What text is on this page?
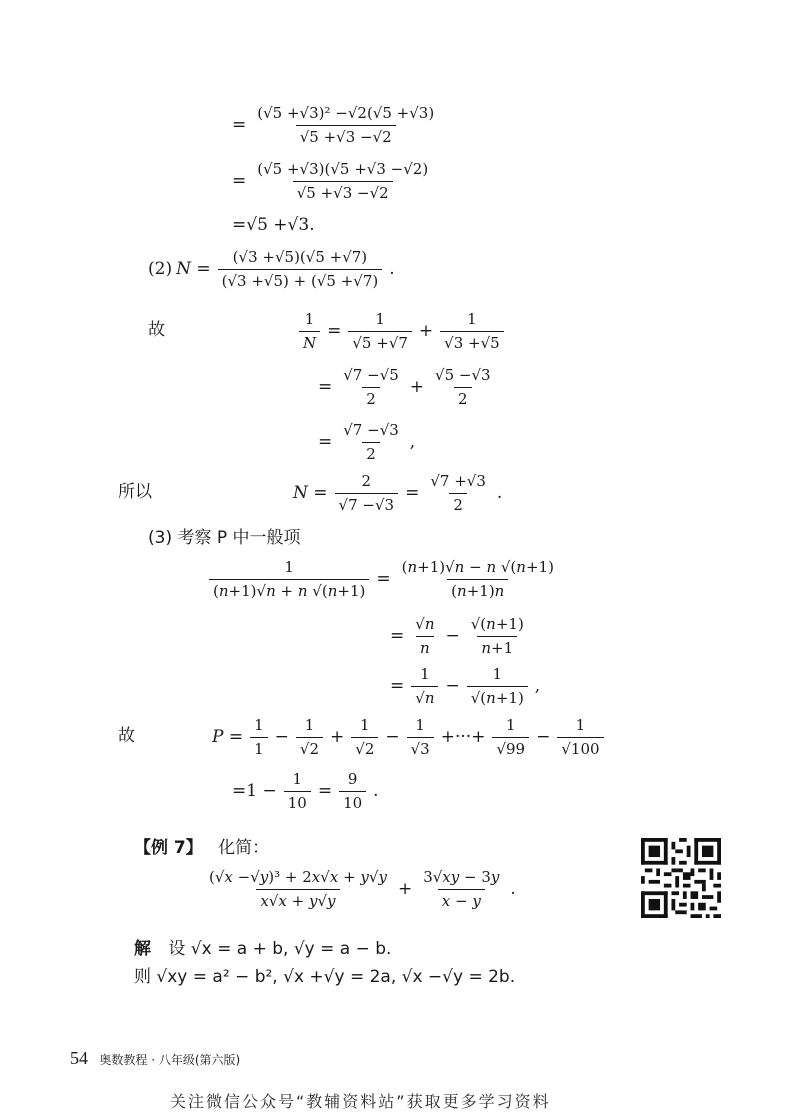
= $\frac{\text{(√5 +√3)² −√2(√5 +√3)}}{√5 +√3 -√2}$
= $\frac{(√5 +√3)(√5 +√3 -√2)}{√5 +√3 -√2}$
=√5 +√3.
(2) $N = \frac{(√3 +√5)(√5 +√7)}{(√3 +√5) + (√5 +√7)}$ .
故	$\frac{1}{N} = \frac{1}{√5 +√7} + \frac{1}{√3 +√5}$
= $\frac{√7 -√5}{2} + \frac{√5 -√3}{2}$
= $\frac{√7 -√3}{2}$ ,
所以	$N = \frac{2}{√7 -√3} = \frac{√7 +√3}{2}$ .
(3) 考察 P 中一般项
$\frac{1}{(n+1)√n + n √(n+1)} = \frac{(n+1)√n - n √(n+1)}{(n+1)n}$
= $\frac{√n}{n} - \frac{√(n+1)}{n+1}$
= $\frac{1}{√n} - \frac{1}{√(n+1)}$ ,
故	$P = \frac{1}{1} - \frac{1}{√2} + \frac{1}{√2} - \frac{1}{√3}$ +···+ $\frac{1}{√99} - \frac{1}{√100}$
$=1 - \frac{1}{10} = \frac{9}{10}$ .
【例 7】 化简：
$\frac{\text{(√x −√y)³ + 2x√x + y√y}}{x√x + y√y} + \frac{3√xy - 3y}{x - y}$ .
解 设 √x = a + b, √y = a − b.
则 √xy = a² − b², √x +√y = 2a, √x −√y = 2b.
54 奥数教程 · 八年级(第六版)
关注微信公众号“教辅资料站”获取更多学习资料
